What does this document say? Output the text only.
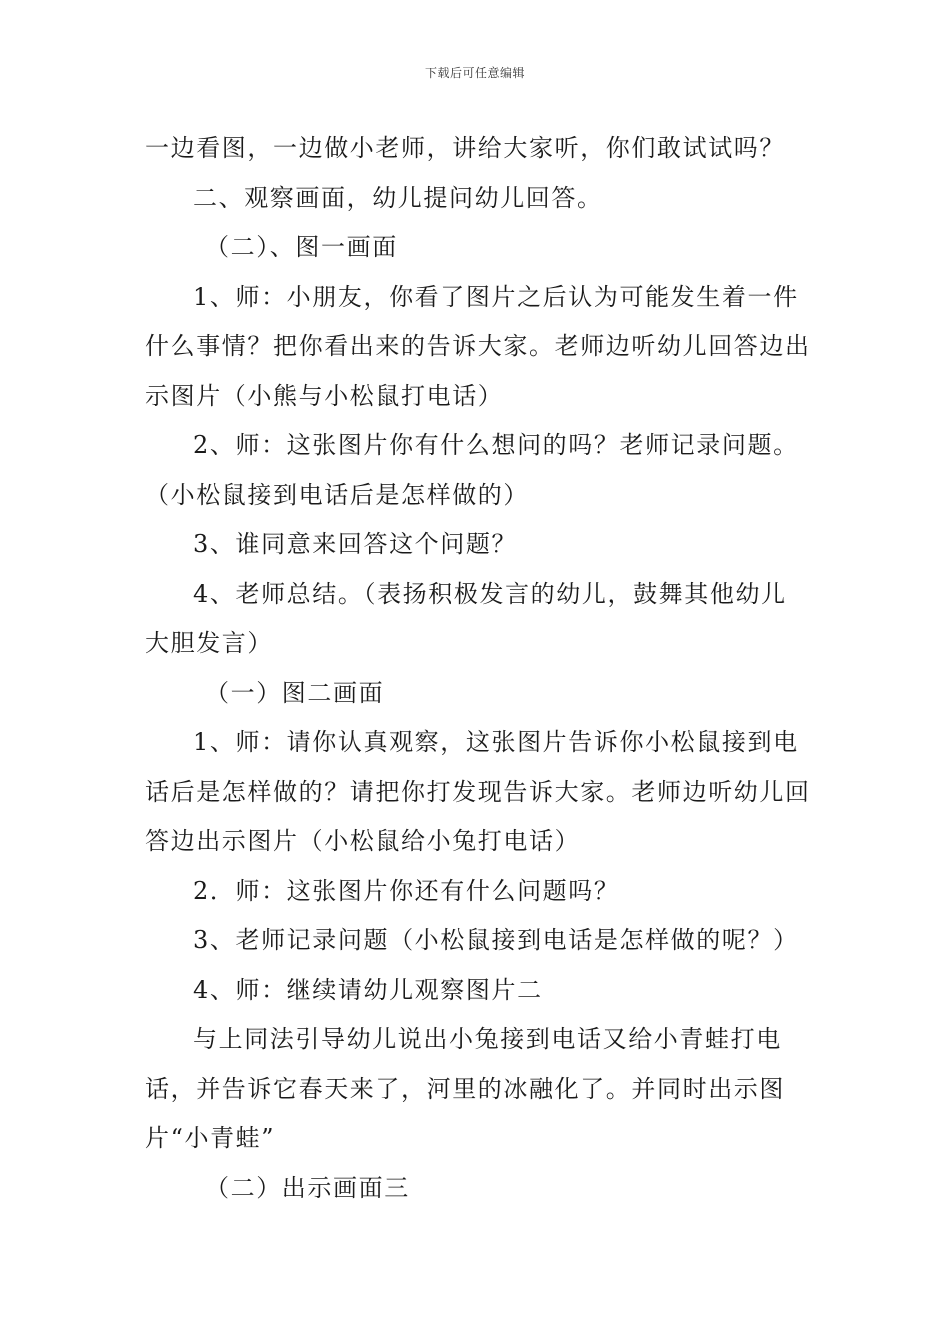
下载后可任意编辑

一边看图，一边做小老师，讲给大家听，你们敢试试吗？

二、观察画面，幼儿提问幼儿回答。

（二）、图一画面

1、师：小朋友，你看了图片之后认为可能发生着一件什么事情？把你看出来的告诉大家。老师边听幼儿回答边出示图片（小熊与小松鼠打电话）

2、师：这张图片你有什么想问的吗？老师记录问题。（小松鼠接到电话后是怎样做的）

3、谁同意来回答这个问题？

4、老师总结。（表扬积极发言的幼儿，鼓舞其他幼儿大胆发言）

（一）图二画面

1、师：请你认真观察，这张图片告诉你小松鼠接到电话后是怎样做的？请把你打发现告诉大家。老师边听幼儿回答边出示图片（小松鼠给小兔打电话）

2．师：这张图片你还有什么问题吗？

3、老师记录问题（小松鼠接到电话是怎样做的呢？）

4、师：继续请幼儿观察图片二

与上同法引导幼儿说出小兔接到电话又给小青蛙打电话，并告诉它春天来了，河里的冰融化了。并同时出示图片“小青蛙”

（二）出示画面三
